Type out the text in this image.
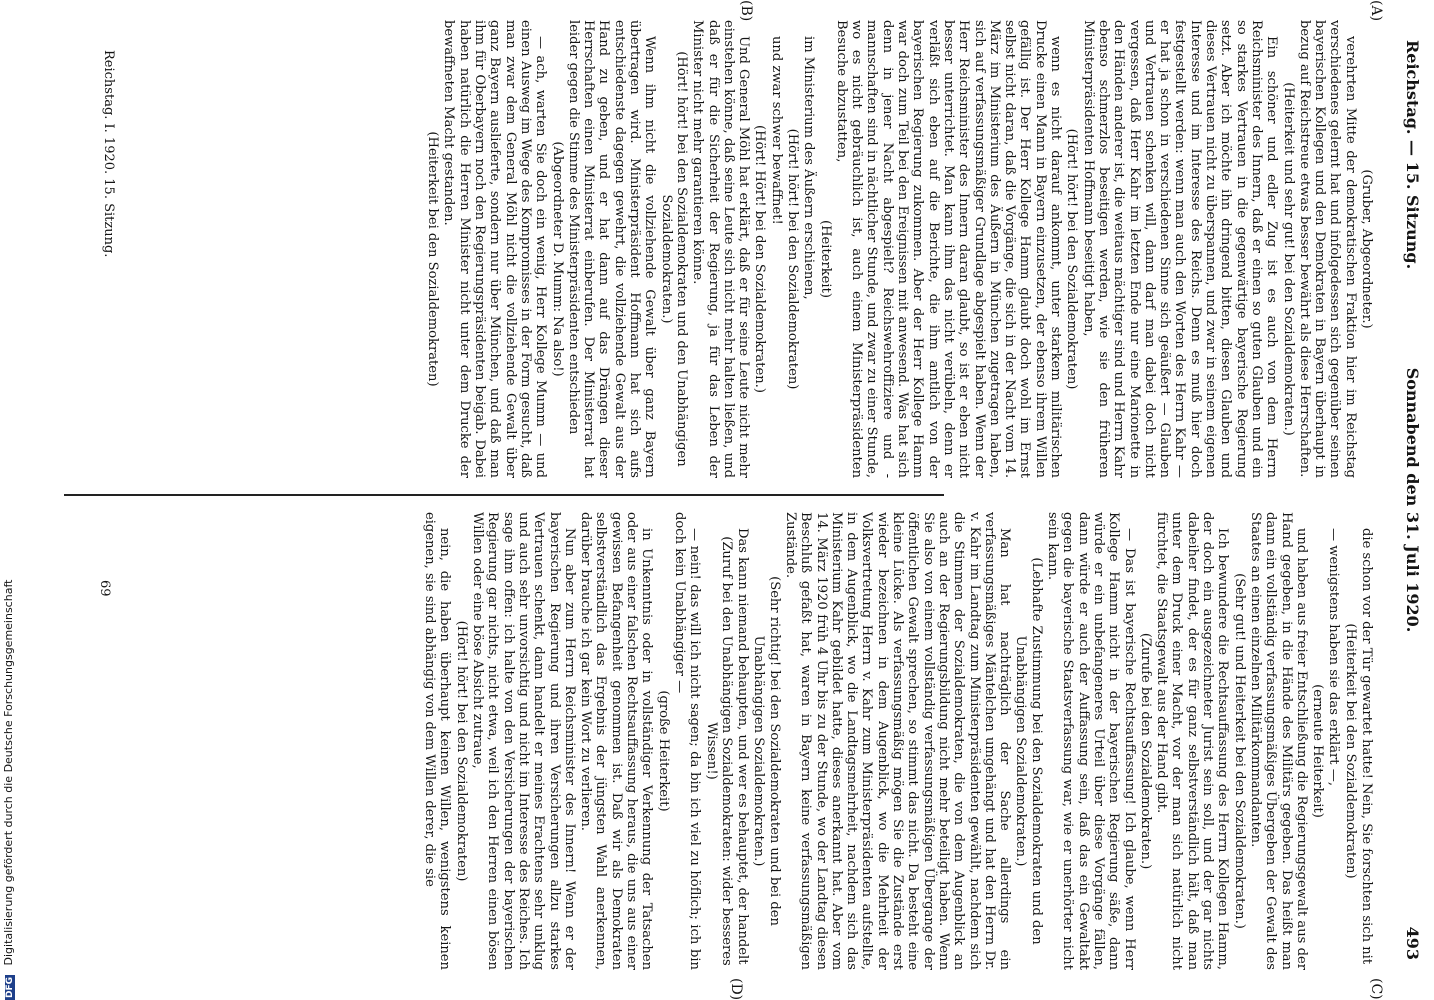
Reichstag. — 15. Sitzung.
Sonnabend den 31. Juli 1920.
493
(A)
(B)
(C)
(D)

(Gruber, Abgeordneter.)

verehrten Mitte der demokratischen Fraktion hier im Reichstag verschiedenes gelernt hat und infolgedessen sich gegenüber seinen bayerischen Kollegen und den Demokraten in Bayern überhaupt in bezug auf Reichstreue etwas besser bewährt als diese Herrschaften.

(Heiterkeit und sehr gut! bei den Sozialdemokraten.)

Ein schöner und edler Zug ist es auch von dem Herrn Reichsminister des Innern, daß er einen so guten Glauben und ein so starkes Vertrauen in die gegenwärtige bayerische Regierung setzt. Aber ich möchte ihn dringend bitten, diesen Glauben und dieses Vertrauen nicht zu überspannen, und zwar in seinem eigenen Interesse und im Interesse des Reichs. Denn es muß hier doch festgestellt werden: wenn man auch den Worten des Herrn Kahr — er hat ja schon in verschiedenen Sinne sich geäußert — Glauben und Vertrauen schenken will, dann darf man dabei doch nicht vergessen, daß Herr Kahr im letzten Ende nur eine Marionette in den Händen anderer ist, die weitaus mächtiger sind und Herrn Kahr ebenso schmerzlos beseitigen werden, wie sie den früheren Ministerpräsidenten Hoffmann beseitigt haben,

(Hört! hört! bei den Sozialdemokraten)

wenn es nicht darauf ankommt, unter starkem militärischen Drucke einen Mann in Bayern einzusetzen, der ebenso ihrem Willen gefällig ist. Der Herr Kollege Hamm glaubt doch wohl im Ernst selbst nicht daran, daß die Vorgänge, die sich in der Nacht vom 14. März im Ministerium des Äußern in München zugetragen haben, sich auf verfassungsmäßiger Grundlage abgespielt haben. Wenn der Herr Reichsminister des Innern daran glaubt, so ist er eben nicht besser unterrichtet. Man kann ihm das nicht verübeln, denn er verläßt sich eben auf die Berichte, die ihm amtlich von der bayerischen Regierung zukommen. Aber der Herr Kollege Hamm war doch zum Teil bei den Ereignissen mit anwesend. Was hat sich denn in jener Nacht abgespielt? Reichswehroffiziere und -mannschaften sind in nächtlicher Stunde, und zwar zu einer Stunde, wo es nicht gebräuchlich ist, auch einem Ministerpräsidenten Besuche abzustatten,

(Heiterkeit)

im Ministerium des Äußern erschienen,

(Hört! hört! bei den Sozialdemokraten)

und zwar schwer bewaffnet!

(Hört! Hört! bei den Sozialdemokraten.)

Und General Möhl hat erklärt, daß er für seine Leute nicht mehr einstehen könne, daß seine Leute sich nicht mehr halten ließen, und daß er für die Sicherheit der Regierung, ja für das Leben der Minister nicht mehr garantieren könne.

(Hört! hört! bei den Sozialdemokraten und den Unabhängigen Sozialdemokraten.)

Wenn ihm nicht die vollziehende Gewalt über ganz Bayern übertragen wird. Ministerpräsident Hoffmann hat sich aufs entschiedenste dagegen gewehrt, die vollziehende Gewalt aus der Hand zu geben, und er hat dann auf das Drängen dieser Herrschaften einen Ministerrat einberufen. Der Ministerrat hat leider gegen die Stimme des Ministerpräsidenten entschieden

(Abgeordneter D. Mumm: Na also!)

— ach, warten Sie doch ein wenig, Herr Kollege Mumm — und einen Ausweg im Wege des Kompromisses in der Form gesucht, daß man zwar dem General Möhl nicht die vollziehende Gewalt über ganz Bayern auslieferte, sondern nur über München, und daß man ihm für Oberbayern noch den Regierungspräsidenten beigab. Dabei haben natürlich die Herren Minister nicht unter dem Drucke der bewaffneten Macht gestanden.

(Heiterkeit bei den Sozialdemokraten)

die schon vor der Tür gewartet hatte! Nein, Sie forschten sich nit

(Heiterkeit bei den Sozialdemokraten)

— wenigstens haben sie das erklärt —,

(erneute Heiterkeit)

und haben aus freier Entschließung die Regierungsgewalt aus der Hand gegeben, in die Hände des Militärs gegeben. Das heißt man dann ein vollständig verfassungsmäßiges Übergeben der Gewalt des Staates an einen einzelnen Militärkommandanten.

(Sehr gut! und Heiterkeit bei den Sozialdemokraten.)

Ich bewundere die Rechtsauffassung des Herrn Kollegen Hamm, der doch ein ausgezeichneter Jurist sein soll, und der gar nichts dabeiher findet, der es für ganz selbstverständlich hält, daß man unter dem Druck einer Macht, vor der man sich natürlich nicht fürchtet, die Staatsgewalt aus der Hand gibt.

(Zurufe bei den Sozialdemokraten.)

— Das ist bayerische Rechtsauffassung! Ich glaube, wenn Herr Kollege Hamm nicht in der bayerischen Regierung säße, dann würde er ein unbefangeneres Urteil über diese Vorgänge fällen, dann würde er auch der Auffassung sein, daß das ein Gewaltakt gegen die bayerische Staatsverfassung war, wie er unerhörter nicht sein kann.

(Lebhafte Zustimmung bei den Sozialdemokraten und den Unabhängigen Sozialdemokraten.)

Man hat nachträglich der Sache allerdings ein verfassungsmäßiges Mäntelchen umgehängt und hat den Herrn Dr. v. Kahr im Landtag zum Ministerpräsidenten gewählt, nachdem sich die Stimmen der Sozialdemokraten, die von dem Augenblick an auch an der Regierungsbildung nicht mehr beteiligt haben. Wenn Sie also von einem vollständig verfassungsmäßigen Übergange der öffentlichen Gewalt sprechen, so stimmt das nicht. Da besteht eine kleine Lücke. Als verfassungsmäßig mögen Sie die Zustände erst wieder bezeichnen in dem Augenblick, wo die Mehrheit der Volksvertretung Herrn v. Kahr zum Ministerpräsidenten aufstellte, in dem Augenblick, wo die Landtagsmehrheit, nachdem sich das Ministerium Kahr gebildet hatte, dieses anerkannt hat. Aber vom 14. März 1920 früh 4 Uhr bis zu der Stunde, wo der Landtag diesen Beschluß gefaßt hat, waren in Bayern keine verfassungsmäßigen Zustände.

(Sehr richtig! bei den Sozialdemokraten und bei den Unabhängigen Sozialdemokraten.)

Das kann niemand behaupten, und wer es behauptet, der handelt

(Zuruf bei den Unabhängigen Sozialdemokraten: wider besseres Wissen!)

— nein! das will ich nicht sagen; da bin ich viel zu höflich; ich bin doch kein Unabhängiger —

(große Heiterkeit)

in Unkenntnis oder in vollständiger Verkennung der Tatsachen oder aus einer falschen Rechtsauffassung heraus, die uns aus einer gewissen Befangenheit genommen ist. Daß wir als Demokraten selbstverständlich das Ergebnis der jüngsten Wahl anerkennen, darüber brauche ich gar kein Wort zu verlieren.

Nun aber zum Herrn Reichsminister des Innern! Wenn er der bayerischen Regierung und ihren Versicherungen allzu starkes Vertrauen schenkt, dann handelt er meines Erachtens sehr unklug und auch sehr unvorsichtig und nicht im Interesse des Reiches. Ich sage ihm offen: ich halte von den Versicherungen der bayerischen Regierung gar nichts, nicht etwa, weil ich den Herren einen bösen Willen oder eine böse Absicht zutraue,

(Hört! hört! bei den Sozialdemokraten)

nein, die haben überhaupt keinen Willen, wenigstens keinen eigenen, sie sind abhängig von dem Willen derer, die sie

Reichstag. I. 1920. 15. Sitzung.
69
DFG Digitalisierung gefördert durch die Deutsche Forschungsgemeinschaft
